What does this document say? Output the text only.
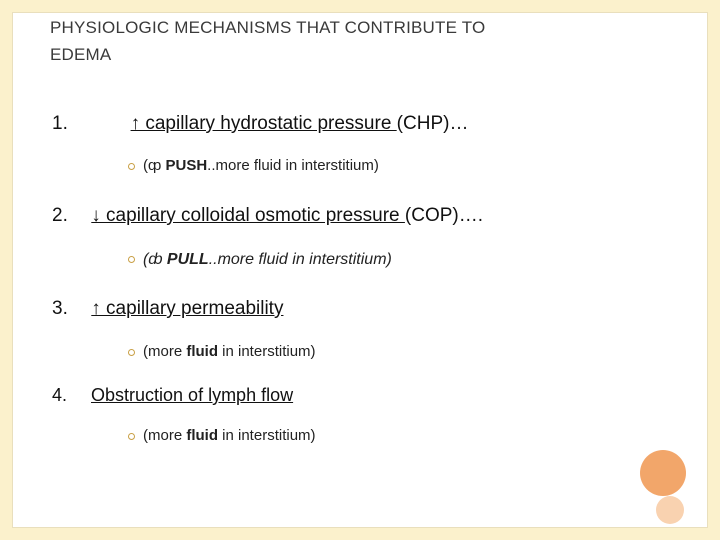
PHYSIOLOGIC MECHANISMS THAT CONTRIBUTE TO
EDEMA
1.	↑ capillary hydrostatic pressure (CHP)…
(ȹ PUSH..more fluid in interstitium)
2. ↓ capillary colloidal osmotic pressure (COP)….
(ȸ PULL..more fluid in interstitium)
3. ↑ capillary permeability
(more fluid in interstitium)
4. Obstruction of lymph flow
(more fluid in interstitium)
